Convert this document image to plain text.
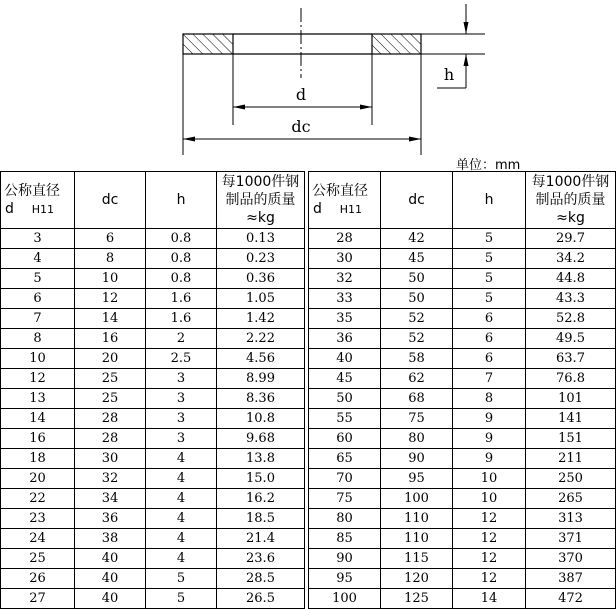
d
dc
h
单位：mm
公称直径
d H11	dc	h	每1000件钢
制品的质量
≈kg

3	6	0.8	0.13
4	8	0.8	0.23
5	10	0.8	0.36
6	12	1.6	1.05
7	14	1.6	1.42
8	16	2	2.22
10	20	2.5	4.56
12	25	3	8.99
13	25	3	8.36
14	28	3	10.8
16	28	3	9.68
18	30	4	13.8
20	32	4	15.0
22	34	4	16.2
23	36	4	18.5
24	38	4	21.4
25	40	4	23.6
26	40	5	28.5
27	40	5	26.5
公称直径
d H11	dc	h	每1000件钢
制品的质量
≈kg

28	42	5	29.7
30	45	5	34.2
32	50	5	44.8
33	50	5	43.3
35	52	6	52.8
36	52	6	49.5
40	58	6	63.7
45	62	7	76.8
50	68	8	101
55	75	9	141
60	80	9	151
65	90	9	211
70	95	10	250
75	100	10	265
80	110	12	313
85	110	12	371
90	115	12	370
95	120	12	387
100	125	14	472
